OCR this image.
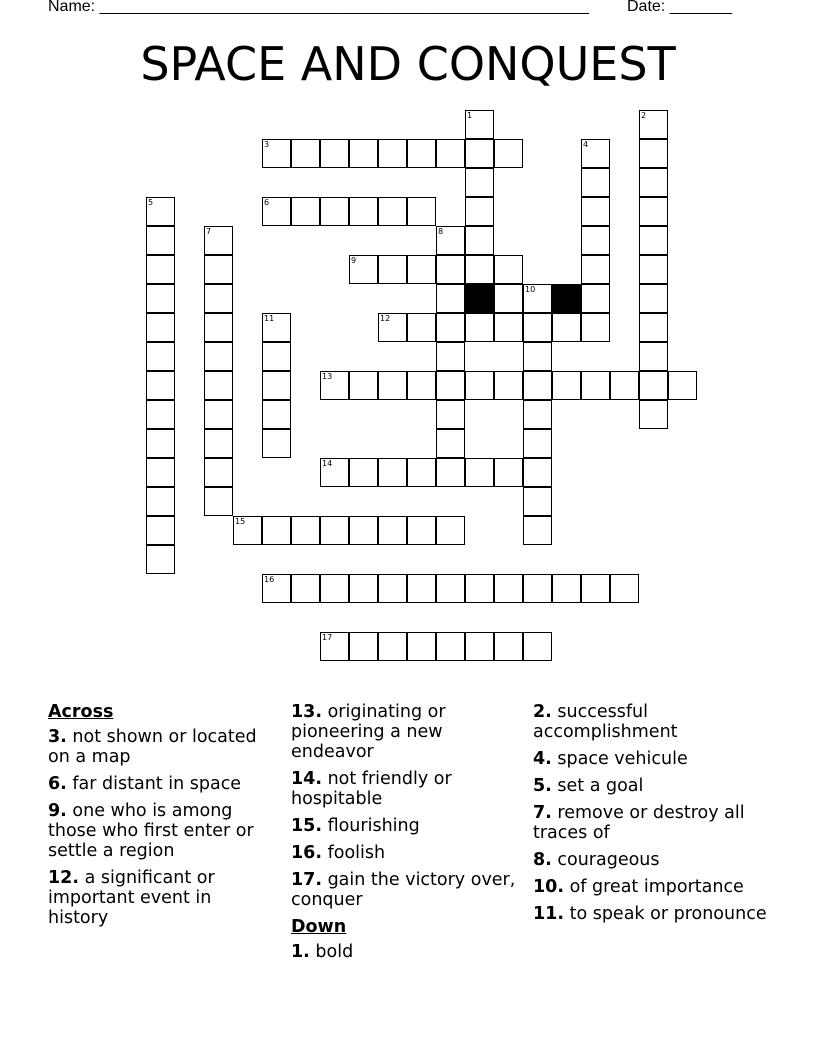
Name: _______________________________________________________ Date: _______
SPACE AND CONQUEST
1	2
3	4
5	6
7	8
9
10
11	12
13
14
15
16
17
Across
3. not shown or located on a map
6. far distant in space
9. one who is among those who first enter or settle a region
12. a significant or important event in history
13. originating or pioneering a new endeavor
14. not friendly or hospitable
15. flourishing
16. foolish
17. gain the victory over, conquer
Down
1. bold
2. successful accomplishment
4. space vehicule
5. set a goal
7. remove or destroy all traces of
8. courageous
10. of great importance
11. to speak or pronounce
